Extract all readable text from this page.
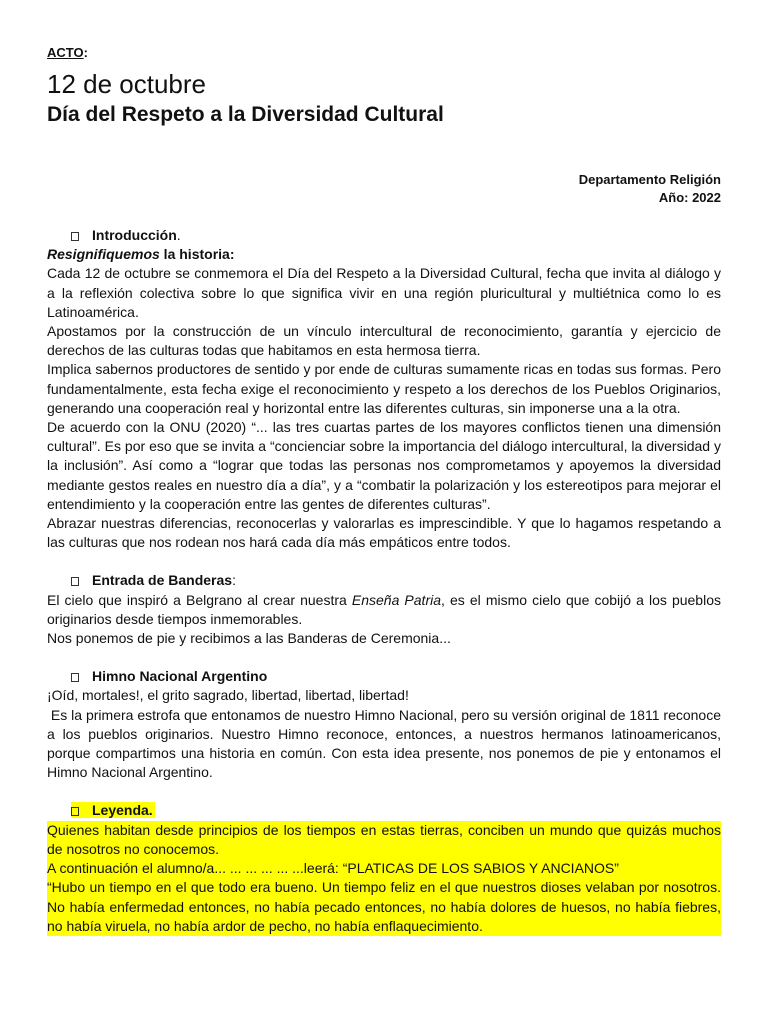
ACTO:
12 de octubre
Día del Respeto a la Diversidad Cultural
Departamento Religión
Año: 2022
Introducción.
Resignifiquemos la historia:

Cada 12 de octubre se conmemora el Día del Respeto a la Diversidad Cultural, fecha que invita al diálogo y a la reflexión colectiva sobre lo que significa vivir en una región pluricultural y multiétnica como lo es Latinoamérica.

Apostamos por la construcción de un vínculo intercultural de reconocimiento, garantía y ejercicio de derechos de las culturas todas que habitamos en esta hermosa tierra.

Implica sabernos productores de sentido y por ende de culturas sumamente ricas en todas sus formas. Pero fundamentalmente, esta fecha exige el reconocimiento y respeto a los derechos de los Pueblos Originarios, generando una cooperación real y horizontal entre las diferentes culturas, sin imponerse una a la otra.

De acuerdo con la ONU (2020) “... las tres cuartas partes de los mayores conflictos tienen una dimensión cultural”. Es por eso que se invita a “concienciar sobre la importancia del diálogo intercultural, la diversidad y la inclusión”. Así como a “lograr que todas las personas nos comprometamos y apoyemos la diversidad mediante gestos reales en nuestro día a día”, y a “combatir la polarización y los estereotipos para mejorar el entendimiento y la cooperación entre las gentes de diferentes culturas”.

Abrazar nuestras diferencias, reconocerlas y valorarlas es imprescindible. Y que lo hagamos respetando a las culturas que nos rodean nos hará cada día más empáticos entre todos.

Entrada de Banderas:

El cielo que inspiró a Belgrano al crear nuestra Enseña Patria, es el mismo cielo que cobijó a los pueblos originarios desde tiempos inmemorables.

Nos ponemos de pie y recibimos a las Banderas de Ceremonia...

Himno Nacional Argentino

¡Oíd, mortales!, el grito sagrado, libertad, libertad, libertad!

Es la primera estrofa que entonamos de nuestro Himno Nacional, pero su versión original de 1811 reconoce a los pueblos originarios. Nuestro Himno reconoce, entonces, a nuestros hermanos latinoamericanos, porque compartimos una historia en común. Con esta idea presente, nos ponemos de pie y entonamos el Himno Nacional Argentino.

Leyenda.

Quienes habitan desde principios de los tiempos en estas tierras, conciben un mundo que quizás muchos de nosotros no conocemos.

A continuación el alumno/a... ... ... ... ... ...leerá: “PLATICAS DE LOS SABIOS Y ANCIANOS”

“Hubo un tiempo en el que todo era bueno. Un tiempo feliz en el que nuestros dioses velaban por nosotros. No había enfermedad entonces, no había pecado entonces, no había dolores de huesos, no había fiebres, no había viruela, no había ardor de pecho, no había enflaquecimiento.
